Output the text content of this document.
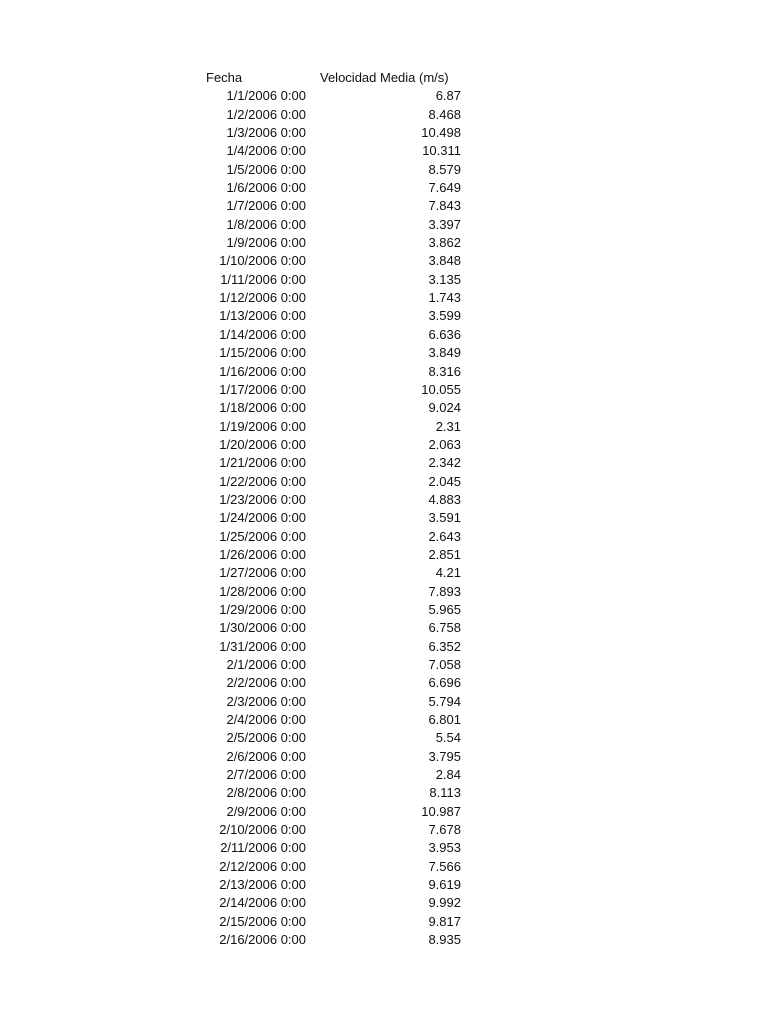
Fecha	Velocidad Media (m/s)
1/1/2006 0:00	6.87
1/2/2006 0:00	8.468
1/3/2006 0:00	10.498
1/4/2006 0:00	10.311
1/5/2006 0:00	8.579
1/6/2006 0:00	7.649
1/7/2006 0:00	7.843
1/8/2006 0:00	3.397
1/9/2006 0:00	3.862
1/10/2006 0:00	3.848
1/11/2006 0:00	3.135
1/12/2006 0:00	1.743
1/13/2006 0:00	3.599
1/14/2006 0:00	6.636
1/15/2006 0:00	3.849
1/16/2006 0:00	8.316
1/17/2006 0:00	10.055
1/18/2006 0:00	9.024
1/19/2006 0:00	2.31
1/20/2006 0:00	2.063
1/21/2006 0:00	2.342
1/22/2006 0:00	2.045
1/23/2006 0:00	4.883
1/24/2006 0:00	3.591
1/25/2006 0:00	2.643
1/26/2006 0:00	2.851
1/27/2006 0:00	4.21
1/28/2006 0:00	7.893
1/29/2006 0:00	5.965
1/30/2006 0:00	6.758
1/31/2006 0:00	6.352
2/1/2006 0:00	7.058
2/2/2006 0:00	6.696
2/3/2006 0:00	5.794
2/4/2006 0:00	6.801
2/5/2006 0:00	5.54
2/6/2006 0:00	3.795
2/7/2006 0:00	2.84
2/8/2006 0:00	8.113
2/9/2006 0:00	10.987
2/10/2006 0:00	7.678
2/11/2006 0:00	3.953
2/12/2006 0:00	7.566
2/13/2006 0:00	9.619
2/14/2006 0:00	9.992
2/15/2006 0:00	9.817
2/16/2006 0:00	8.935
